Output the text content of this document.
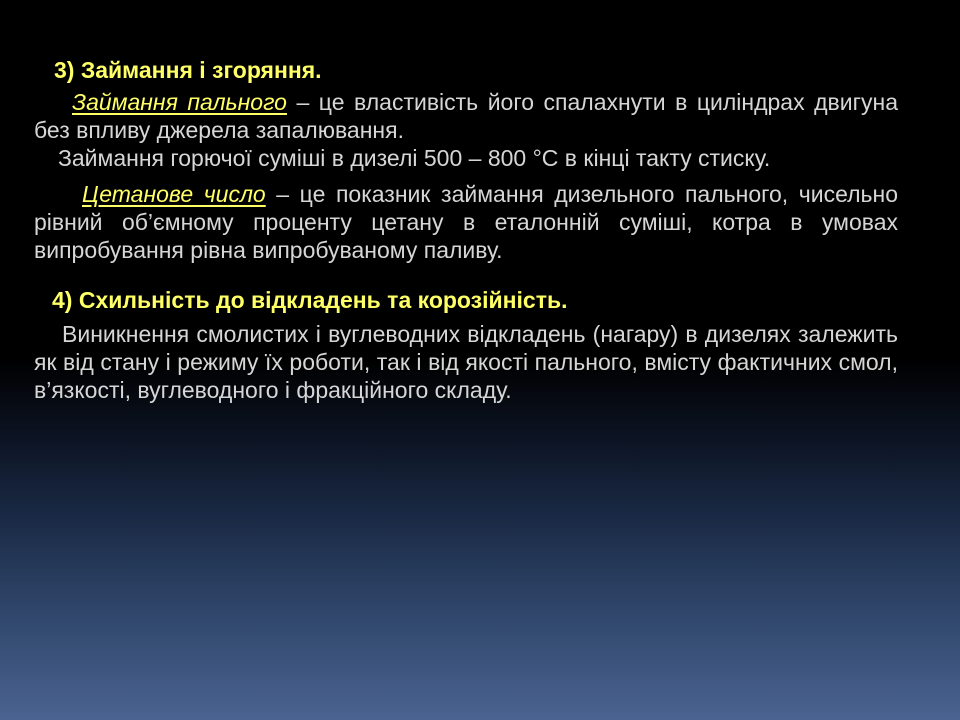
3) Займання і згоряння.

Займання пального – це властивість його спалахнути в циліндрах двигуна без впливу джерела запалювання.

Займання горючої суміші в дизелі 500 – 800 °С в кінці такту стиску.

Цетанове число – це показник займання дизельного пального, чисельно рівний об’ємному проценту цетану в еталонній суміші, котра в умовах випробування рівна випробуваному паливу.

4) Схильність до відкладень та корозійність.

Виникнення смолистих і вуглеводних відкладень (нагару) в дизелях залежить як від стану і режиму їх роботи, так і від якості пального, вмісту фактичних смол, в’язкості, вуглеводного і фракційного складу.
